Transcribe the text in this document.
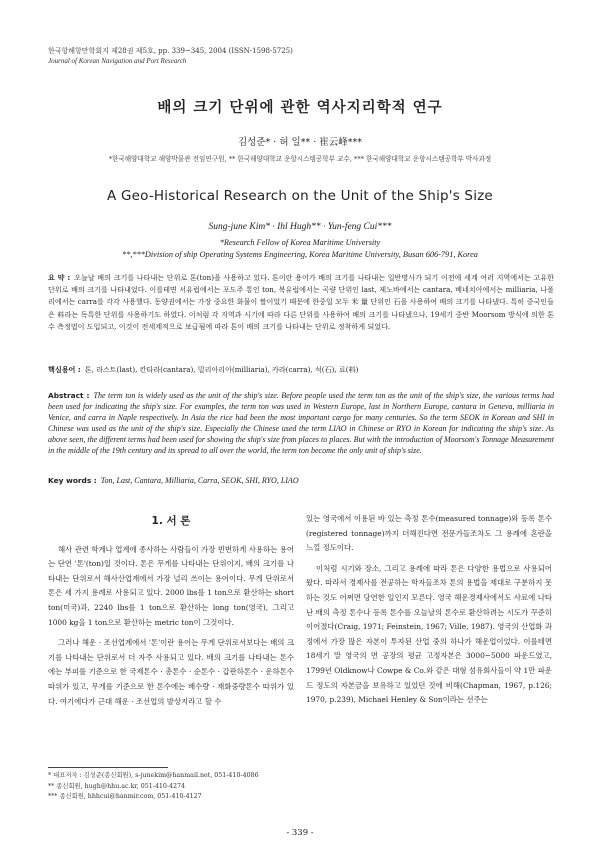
한국항해항만학회지 제28권 제5호, pp. 339~345, 2004 (ISSN-1598-5725)
Journal of Korean Navigation and Port Research
배의 크기 단위에 관한 역사지리학적 연구
김성준* · 허 일** · 崔云峰***
*한국해양대학교 해양박물관 전임연구원, ** 한국해양대학교 운항시스템공학부 교수, *** 한국해양대학교 운항시스템공학부 박사과정
A Geo-Historical Research on the Unit of the Ship's Size
Sung-june Kim* · Ihl Hugh** · Yun-feng Cui***
*Research Fellow of Korea Maritime University
**,***Division of ship Operating Systems Engineering, Korea Maritime University, Busan 606-791, Korea
요 약 : 오늘날 배의 크기를 나타내는 단위로 톤(ton)을 사용하고 있다. 톤이란 용어가 배의 크기를 나타내는 일반명사가 되기 이전에 세계 여러 지역에서는 고유한 단위로 배의 크기를 나타내었다. 이를테면 서유럽에서는 포도주 통인 ton, 북유럽에서는 곡량 단위인 last, 제노바에서는 cantara, 베네치아에서는 milliaria, 나폴리에서는 carra를 각각 사용했다. 동양권에서는 가장 중요한 화물이 쌀이었기 때문에 한중일 모두 米 量 단위인 石을 사용하여 배의 크기를 나타냈다. 특히 중국인들은 料라는 독특한 단위를 사용하기도 하였다. 이처럼 각 지역과 시기에 따라 다른 단위를 사용하여 배의 크기를 나타냈으나, 19세기 중반 Moorsom 방식에 의한 톤수 측정법이 도입되고, 이것이 전세계적으로 보급됨에 따라 톤이 배의 크기를 나타내는 단위로 정착하게 되었다.
핵심용어 : 톤, 라스트(last), 칸타라(cantara), 밀리아리아(milliaria), 카라(carra), 석(石), 료(料)
Abstract : The term ton is widely used as the unit of the ship's size. Before people used the term ton as the unit of the ship's size, the various terms had been used for indicating the ship's size. For examples, the term ton was used in Western Europe, last in Northern Europe, cantara in Geneva, milliaria in Venice, and carra in Naple respectively. In Asia the rice had been the most important cargo for many centuries. So the term SEOK in Korean and SHI in Chinese was used as the unit of the ship's size. Especially the Chinese used the term LIAO in Chinese or RYO in Korean for indicating the ship's size. As above seen, the different terms had been used for showing the ship's size from places to places. But with the introduction of Moorsom's Tonnage Measurement in the middle of the 19th century and its spread to all over the world, the term ton become the only unit of ship's size.
Key words : Ton, Last, Cantara, Milliaria, Carra, SEOK, SHI, RYO, LIAO
1. 서 론

해사 관련 학계나 업계에 종사하는 사람들이 가장 빈번하게 사용하는 용어는 단연 '톤'(ton)일 것이다. 톤은 무게를 나타내는 단위이지, 배의 크기를 나타내는 단위로서 해사산업계에서 가장 널리 쓰이는 용어이다. 무게 단위로서 톤은 세 가지 용례로 사용되고 있다. 2000 lbs를 1 ton으로 환산하는 short ton(미국)과, 2240 lbs를 1 ton으로 환산하는 long ton(영국), 그리고 1000 kg을 1 ton으로 환산하는 metric ton이 그것이다.

그러나 해운 · 조선업계에서 '톤'이란 용어는 무게 단위로서보다는 배의 크기를 나타내는 단위로서 더 자주 사용되고 있다. 배의 크기를 나타내는 톤수에는 부피를 기준으로 한 국제톤수 · 총톤수 · 순톤수 · 갑판하톤수 · 운하톤수 따위가 있고, 무게를 기준으로 한 톤수에는 배수량 · 재화중량톤수 따위가 있다. 여기에다가 근대 해운 · 조선업의 발상지라고 할 수

있는 영국에서 이용된 바 있는 측정 톤수(measured tonnage)와 등록 톤수(registered tonnage)까지 더해진다면 전문가들조차도 그 용례에 혼란을 느낄 정도이다.

이처럼 시기와 장소, 그리고 용례에 따라 톤은 다양한 용법으로 사용되어 왔다. 따라서 경제사를 전공하는 학자들조차 톤의 용법을 제대로 구분하지 못하는 것도 어쩌면 당연한 일인지 모른다. 영국 해운경제사에서도 사료에 나타난 배의 측정 톤수나 등록 톤수를 오늘날의 톤수로 환산하려는 시도가 꾸준히 이어졌다(Craig, 1971; Feinstein, 1967; Ville, 1987). 영국의 산업화 과정에서 가장 많은 자본이 투자된 산업 중의 하나가 해운업이었다. 이를테면 18세기 말 영국의 면 공장의 평균 고정자본은 3000~5000 파운드였고, 1799년 Oldknow나 Cowpe & Co.와 같은 대형 섬유회사들이 약 1만 파운드 정도의 자본금을 보유하고 있었던 것에 비해(Chapman, 1967, p.126; 1970, p.239), Michael Henley & Son이라는 선주는

* 대표저자 : 김성준(종신회원), s-junekim@hanmail.net, 051-410-4086
** 종신회원, hugh@hhu.ac.kr, 051-410-4274
*** 종신회원, hhhcui@hanmir.com, 051-410-4127
- 339 -
